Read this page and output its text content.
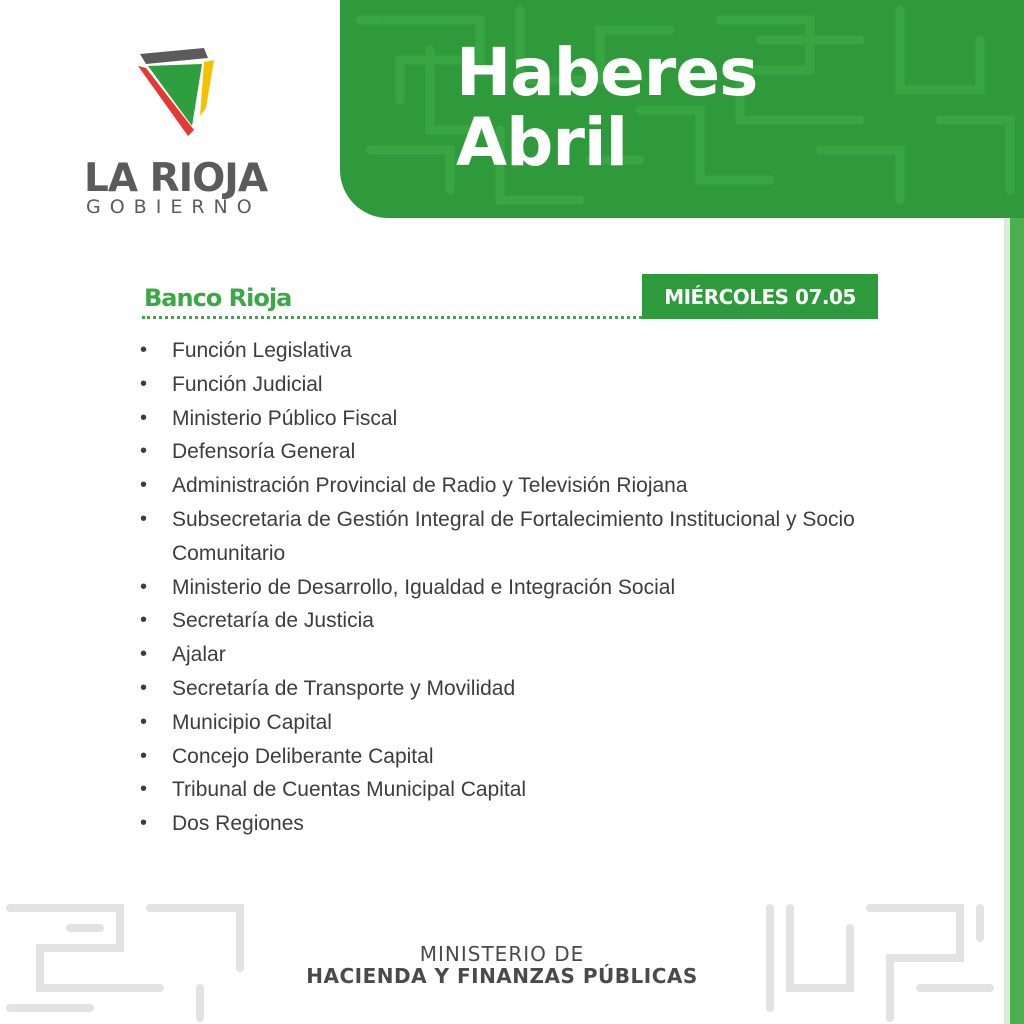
LA RIOJA
GOBIERNO
Haberes
Abril
Banco Rioja	MIÉRCOLES 07.05
• Función Legislativa
• Función Judicial
• Ministerio Público Fiscal
• Defensoría General
• Administración Provincial de Radio y Televisión Riojana
• Subsecretaria de Gestión Integral de Fortalecimiento Institucional y Socio Comunitario
• Ministerio de Desarrollo, Igualdad e Integración Social
• Secretaría de Justicia
• Ajalar
• Secretaría de Transporte y Movilidad
• Municipio Capital
• Concejo Deliberante Capital
• Tribunal de Cuentas Municipal Capital
• Dos Regiones
MINISTERIO DE
HACIENDA Y FINANZAS PÚBLICAS
